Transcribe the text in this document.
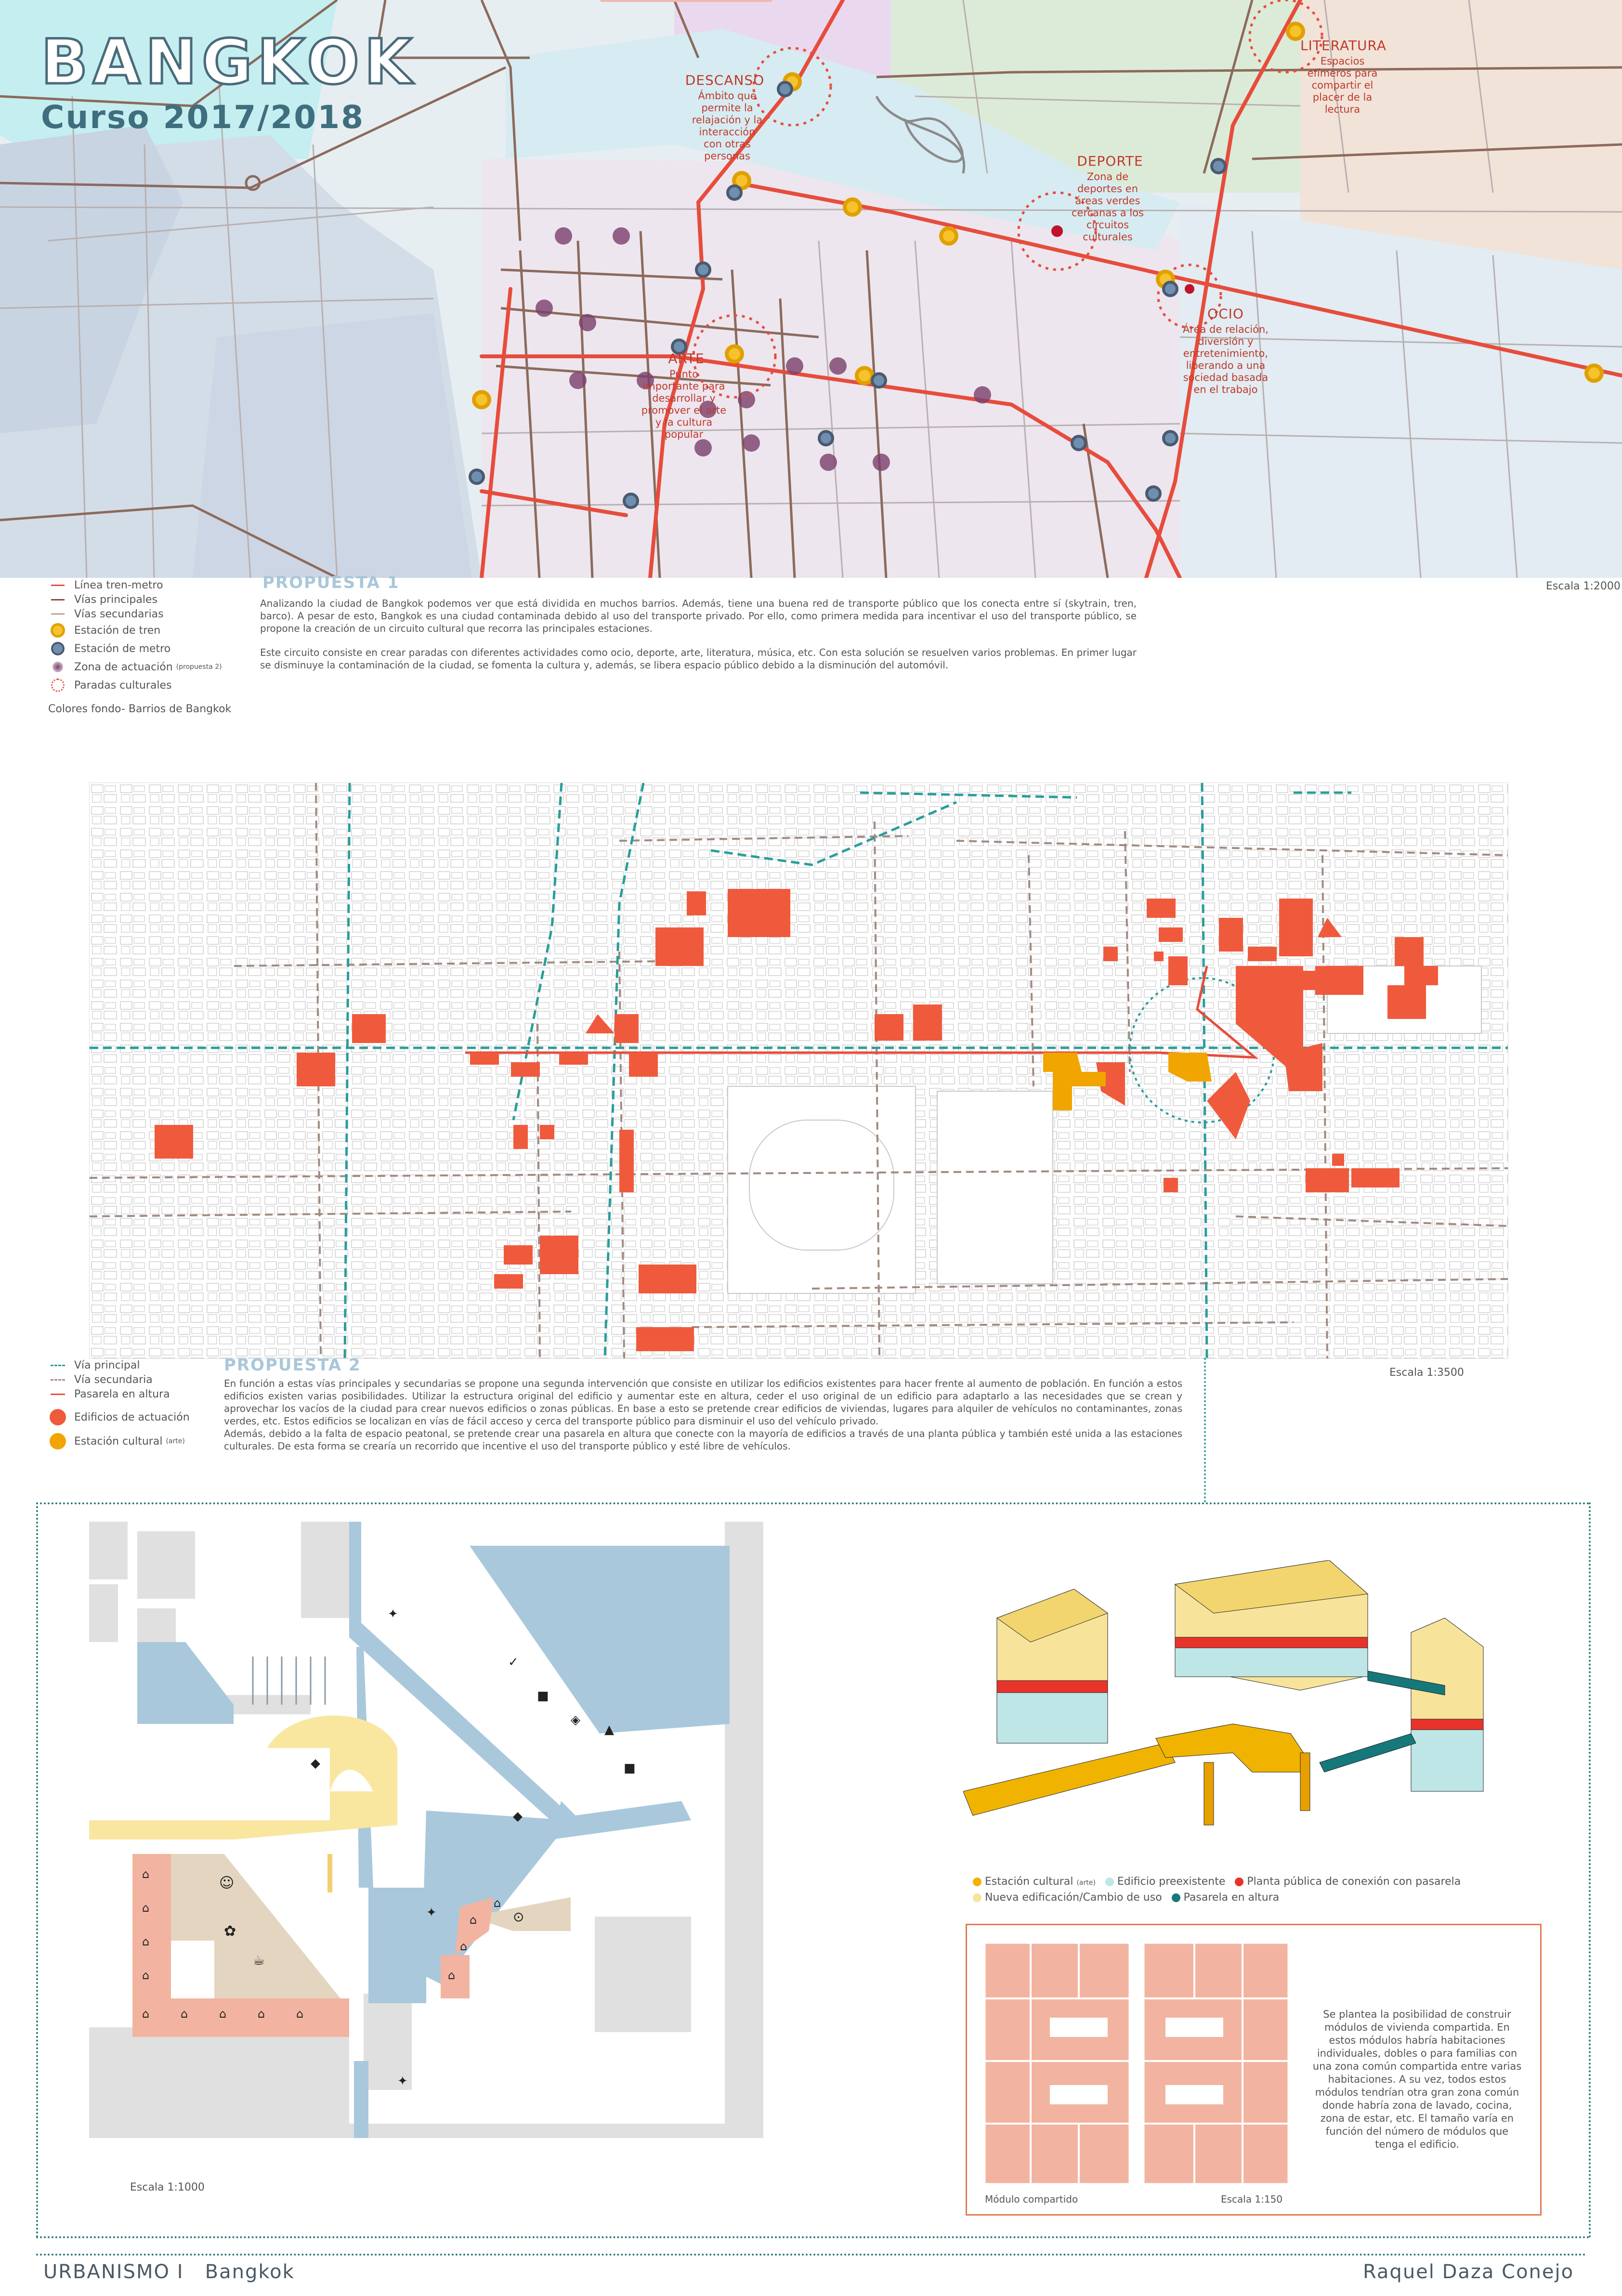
BANGKOK
Curso 2017/2018
DESCANSO
Ámbito que permite la relajación y la interacción con otras personas
LITERATURA
Espacios efímeros para compartir el placer de la lectura
DEPORTE
Zona de deportes en áreas verdes cercanas a los circuitos culturales
OCIO
Área de relación, diversión y entretenimiento, liberando a una sociedad basada en el trabajo
ARTE
Punto importante para desarrollar y promover el arte y la cultura popular
Escala 1:2000
Línea tren-metro
Vías principales
Vías secundarias
Estación de tren
Estación de metro
Zona de actuación
(propuesta 2)
Paradas culturales
Colores fondo- Barrios de Bangkok
PROPUESTA 1
Analizando la ciudad de Bangkok podemos ver que está dividida en muchos barrios. Además, tiene una buena red de transporte público que los conecta entre sí (skytrain, tren, barco). A pesar de esto, Bangkok es una ciudad contaminada debido al uso del transporte privado. Por ello, como primera medida para incentivar el uso del transporte público, se propone la creación de un circuito cultural que recorra las principales estaciones.
Este circuito consiste en crear paradas con diferentes actividades como ocio, deporte, arte, literatura, música, etc. Con esta solución se resuelven varios problemas. En primer lugar se disminuye la contaminación de la ciudad, se fomenta la cultura y, además, se libera espacio público debido a la disminución del automóvil.
Vía principal
Vía secundaria
Pasarela en altura
Edificios de actuación
Estación cultural
(arte)
PROPUESTA 2
En función a estas vías principales y secundarias se propone una segunda intervención que consiste en utilizar los edificios existentes para hacer frente al aumento de población. En función a estos edificios existen varias posibilidades. Utilizar la estructura original del edificio y aumentar este en altura, ceder el uso original de un edificio para adaptarlo a las necesidades que se crean y aprovechar los vacíos de la ciudad para crear nuevos edificios o zonas públicas. En base a esto se pretende crear edificios de viviendas, lugares para alquiler de vehículos no contaminantes, zonas verdes, etc. Estos edificios se localizan en vías de fácil acceso y cerca del transporte público para disminuir el uso del vehículo privado.
Además, debido a la falta de espacio peatonal, se pretende crear una pasarela en altura que conecte con la mayoría de edificios a través de una planta pública y también esté unida a las estaciones culturales. De esta forma se crearía un recorrido que incentive el uso del transporte público y esté libre de vehículos.
Escala 1:3500
⌂
⌂
⌂
⌂
⌂	⌂	⌂	⌂	⌂
⌂
⌂
⌂
⌂
☺
✿
☕
⊙
✓
■
◈
▲
■
✦
◆
✦
✦
◆
Escala 1:1000
Estación cultural (arte)	Edificio preexistente	Planta pública de conexión con pasarela
Nueva edificación/Cambio de uso	Pasarela en altura
Módulo compartido	Escala 1:150
Se plantea la posibilidad de construir módulos de vivienda compartida. En estos módulos habría habitaciones individuales, dobles o para familias con una zona común compartida entre varias habitaciones. A su vez, todos estos módulos tendrían otra gran zona común donde habría zona de lavado, cocina, zona de estar, etc. El tamaño varía en función del número de módulos que tenga el edificio.
URBANISMO I Bangkok	Raquel Daza Conejo
